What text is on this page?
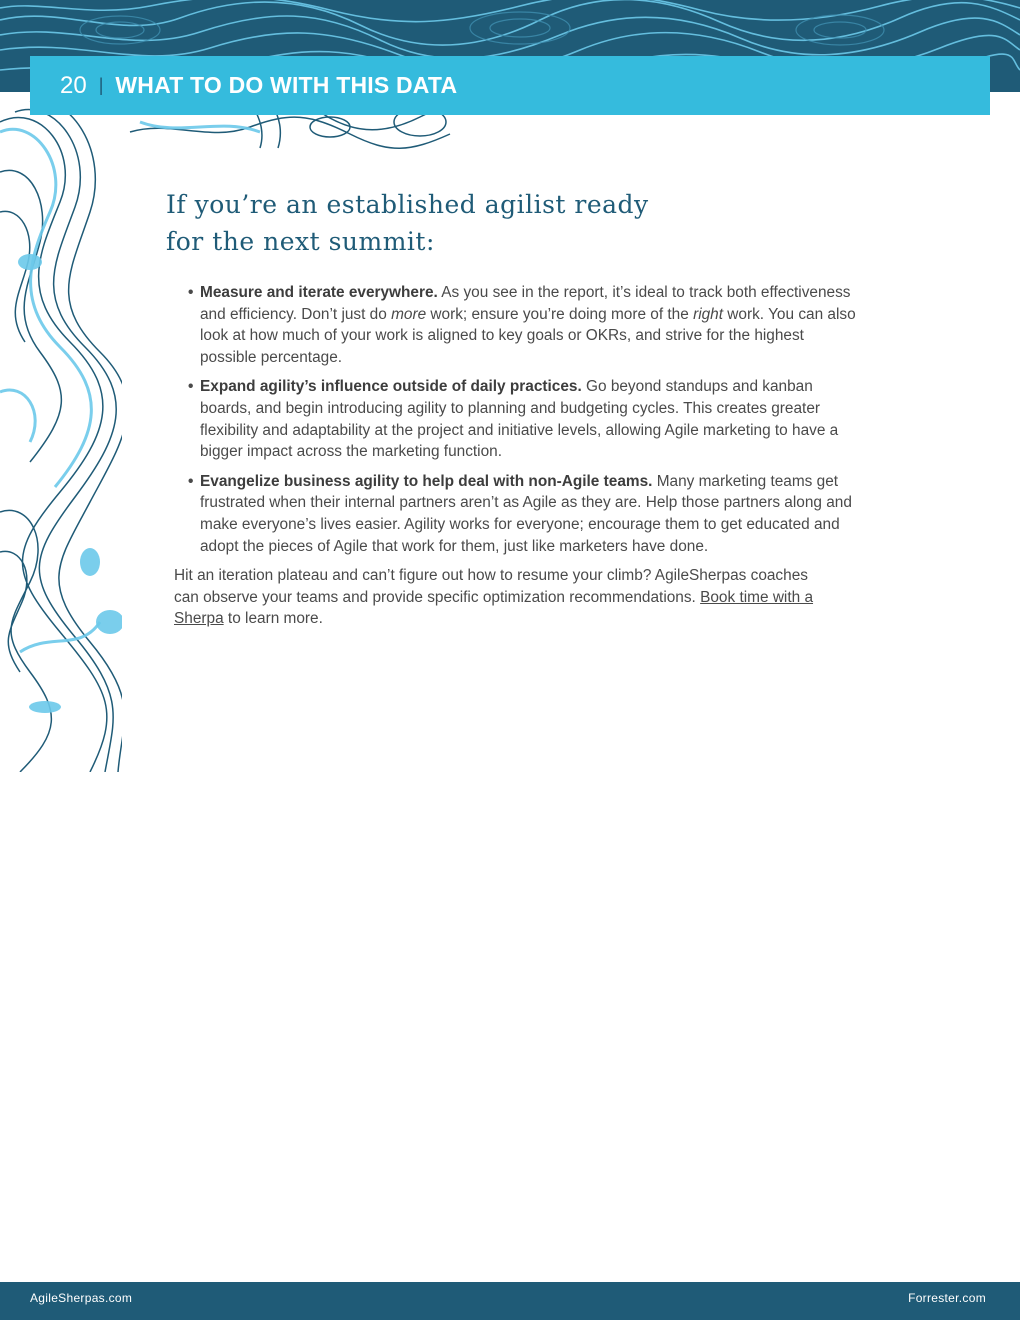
20 | WHAT TO DO WITH THIS DATA
If you’re an established agilist ready for the next summit:
• Measure and iterate everywhere. As you see in the report, it’s ideal to track both effectiveness and efficiency. Don’t just do more work; ensure you’re doing more of the right work. You can also look at how much of your work is aligned to key goals or OKRs, and strive for the highest possible percentage.
• Expand agility’s influence outside of daily practices. Go beyond standups and kanban boards, and begin introducing agility to planning and budgeting cycles. This creates greater flexibility and adaptability at the project and initiative levels, allowing Agile marketing to have a bigger impact across the marketing function.
• Evangelize business agility to help deal with non-Agile teams. Many marketing teams get frustrated when their internal partners aren’t as Agile as they are. Help those partners along and make everyone’s lives easier. Agility works for everyone; encourage them to get educated and adopt the pieces of Agile that work for them, just like marketers have done.

Hit an iteration plateau and can’t figure out how to resume your climb? AgileSherpas coaches can observe your teams and provide specific optimization recommendations. Book time with a Sherpa to learn more.

AgileSherpas.com	Forrester.com
